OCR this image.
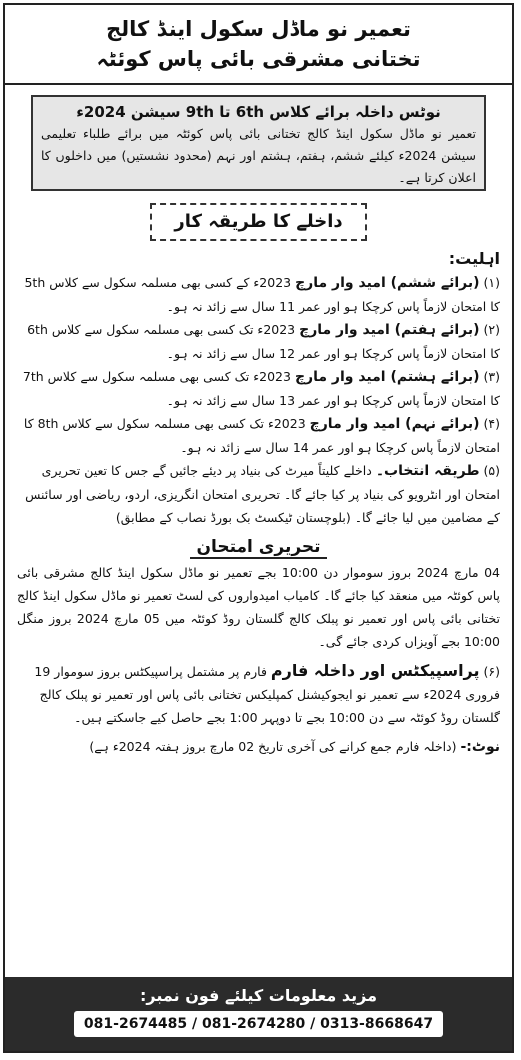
تعمیر نو ماڈل سکول اینڈ کالج
تختانی مشرقی بائی پاس کوئٹہ
نوٹس داخلہ برائے کلاس 6th تا 9th سیشن 2024ء
تعمیر نو ماڈل سکول اینڈ کالج تختانی بائی پاس کوئٹہ میں برائے طلباء تعلیمی سیشن 2024ء کیلئے ششم، ہفتم، ہشتم اور نہم (محدود نشستیں) میں داخلوں کا اعلان کرتا ہے۔
داخلے کا طریقہ کار
اہلیت:
(۱) (برائے ششم) امید وار مارچ 2023ء کے کسی بھی مسلمہ سکول سے کلاس 5th کا امتحان لازماً پاس کرچکا ہو اور عمر 11 سال سے زائد نہ ہو۔
(۲) (برائے ہفتم) امید وار مارچ 2023ء تک کسی بھی مسلمہ سکول سے کلاس 6th کا امتحان لازماً پاس کرچکا ہو اور عمر 12 سال سے زائد نہ ہو۔
(۳) (برائے ہشتم) امید وار مارچ 2023ء تک کسی بھی مسلمہ سکول سے کلاس 7th کا امتحان لازماً پاس کرچکا ہو اور عمر 13 سال سے زائد نہ ہو۔
(۴) (برائے نہم) امید وار مارچ 2023ء تک کسی بھی مسلمہ سکول سے کلاس 8th کا امتحان لازماً پاس کرچکا ہو اور عمر 14 سال سے زائد نہ ہو۔
(۵) طریقہ انتخاب۔ داخلے کلیتاً میرٹ کی بنیاد پر دیئے جائیں گے جس کا تعین تحریری امتحان اور انٹرویو کی بنیاد پر کیا جائے گا۔ تحریری امتحان انگریزی، اردو، ریاضی اور سائنس کے مضامین میں لیا جائے گا۔ (بلوچستان ٹیکسٹ بک بورڈ نصاب کے مطابق)
تحریری امتحان
04 مارچ 2024 بروز سوموار دن 10:00 بجے تعمیر نو ماڈل سکول اینڈ کالج مشرقی بائی پاس کوئٹہ میں منعقد کیا جائے گا۔ کامیاب امیدواروں کی لسٹ تعمیر نو ماڈل سکول اینڈ کالج تختانی بائی پاس اور تعمیر نو پبلک کالج گلستان روڈ کوئٹہ میں 05 مارچ 2024 بروز منگل 10:00 بجے آویزاں کردی جائے گی۔
(۶) پراسپیکٹس اور داخلہ فارم فارم پر مشتمل پراسپیکٹس بروز سوموار 19 فروری 2024ء سے تعمیر نو ایجوکیشنل کمپلیکس تختانی بائی پاس اور تعمیر نو پبلک کالج گلستان روڈ کوئٹہ سے دن 10:00 بجے تا دوپہر 1:00 بجے حاصل کیے جاسکتے ہیں۔
نوٹ:- (داخلہ فارم جمع کرانے کی آخری تاریخ 02 مارچ بروز ہفتہ 2024ء ہے)
مزید معلومات کیلئے فون نمبر:
081-2674485 / 081-2674280 / 0313-8668647
